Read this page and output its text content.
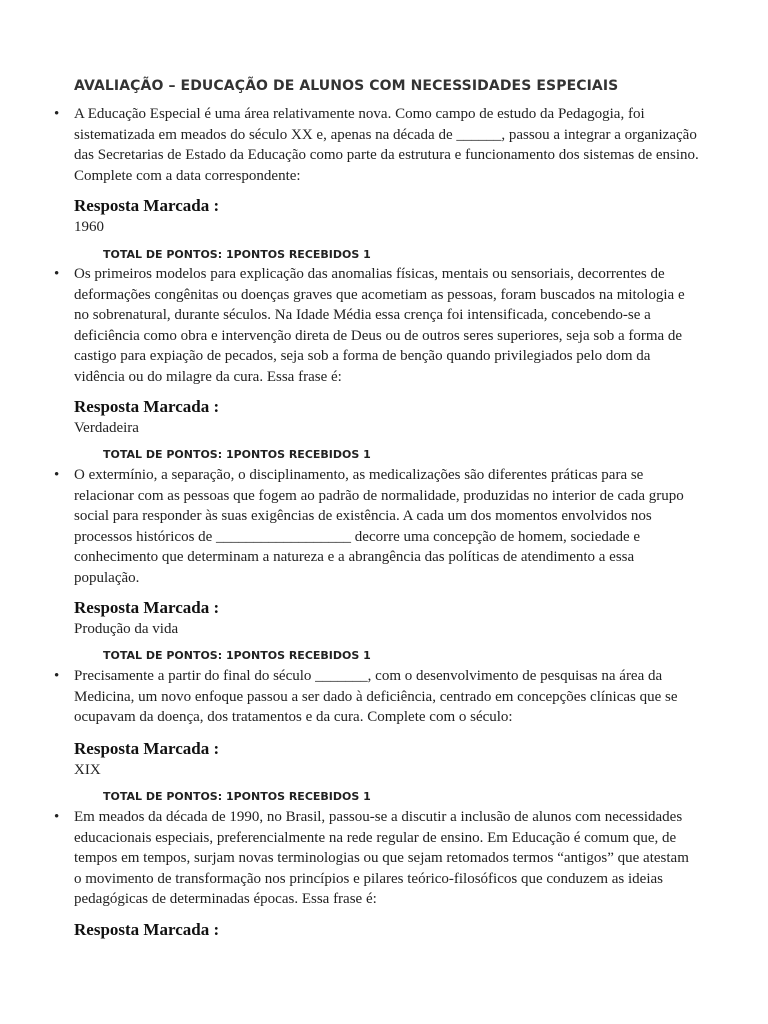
AVALIAÇÃO – EDUCAÇÃO DE ALUNOS COM NECESSIDADES ESPECIAIS
• A Educação Especial é uma área relativamente nova. Como campo de estudo da Pedagogia, foi sistematizada em meados do século XX e, apenas na década de ______, passou a integrar a organização das Secretarias de Estado da Educação como parte da estrutura e funcionamento dos sistemas de ensino. Complete com a data correspondente:
Resposta Marcada :
1960
TOTAL DE PONTOS: 1PONTOS RECEBIDOS 1
• Os primeiros modelos para explicação das anomalias físicas, mentais ou sensoriais, decorrentes de deformações congênitas ou doenças graves que acometiam as pessoas, foram buscados na mitologia e no sobrenatural, durante séculos. Na Idade Média essa crença foi intensificada, concebendo-se a deficiência como obra e intervenção direta de Deus ou de outros seres superiores, seja sob a forma de castigo para expiação de pecados, seja sob a forma de benção quando privilegiados pelo dom da vidência ou do milagre da cura. Essa frase é:
Resposta Marcada :
Verdadeira
TOTAL DE PONTOS: 1PONTOS RECEBIDOS 1
• O extermínio, a separação, o disciplinamento, as medicalizações são diferentes práticas para se relacionar com as pessoas que fogem ao padrão de normalidade, produzidas no interior de cada grupo social para responder às suas exigências de existência. A cada um dos momentos envolvidos nos processos históricos de __________________ decorre uma concepção de homem, sociedade e conhecimento que determinam a natureza e a abrangência das políticas de atendimento a essa população.
Resposta Marcada :
Produção da vida
TOTAL DE PONTOS: 1PONTOS RECEBIDOS 1
• Precisamente a partir do final do século _______, com o desenvolvimento de pesquisas na área da Medicina, um novo enfoque passou a ser dado à deficiência, centrado em concepções clínicas que se ocupavam da doença, dos tratamentos e da cura. Complete com o século:
Resposta Marcada :
XIX
TOTAL DE PONTOS: 1PONTOS RECEBIDOS 1
• Em meados da década de 1990, no Brasil, passou-se a discutir a inclusão de alunos com necessidades educacionais especiais, preferencialmente na rede regular de ensino. Em Educação é comum que, de tempos em tempos, surjam novas terminologias ou que sejam retomados termos “antigos” que atestam o movimento de transformação nos princípios e pilares teórico-filosóficos que conduzem as ideias pedagógicas de determinadas épocas. Essa frase é:
Resposta Marcada :
